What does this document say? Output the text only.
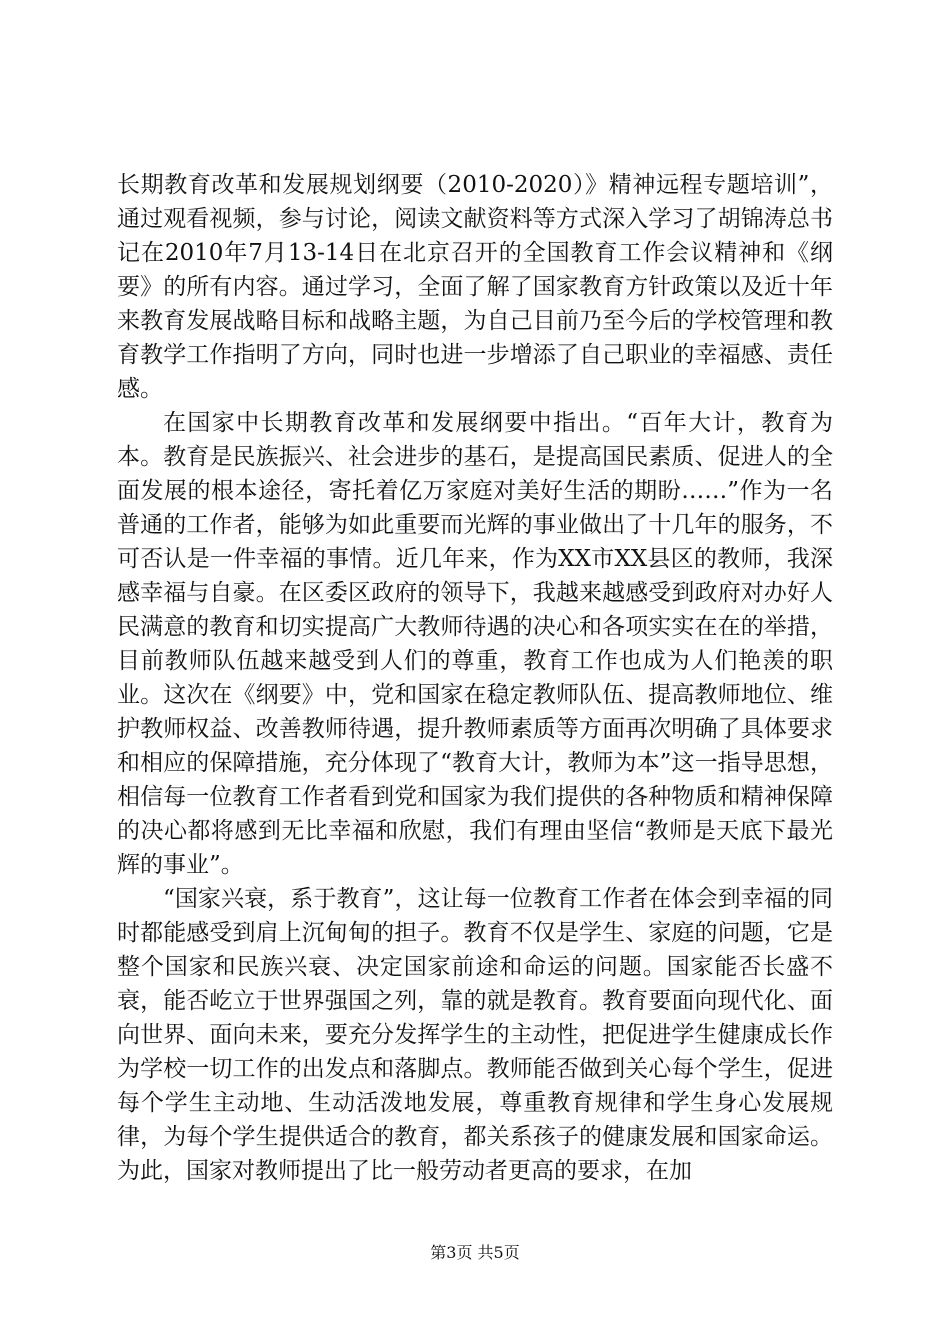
长期教育改革和发展规划纲要（2010-2020）》精神远程专题培训”，通过观看视频，参与讨论，阅读文献资料等方式深入学习了胡锦涛总书记在2010年7月13-14日在北京召开的全国教育工作会议精神和《纲要》的所有内容。通过学习，全面了解了国家教育方针政策以及近十年来教育发展战略目标和战略主题，为自己目前乃至今后的学校管理和教育教学工作指明了方向，同时也进一步增添了自己职业的幸福感、责任感。

在国家中长期教育改革和发展纲要中指出。“百年大计，教育为本。教育是民族振兴、社会进步的基石，是提高国民素质、促进人的全面发展的根本途径，寄托着亿万家庭对美好生活的期盼……”作为一名普通的工作者，能够为如此重要而光辉的事业做出了十几年的服务，不可否认是一件幸福的事情。近几年来，作为XX市XX县区的教师，我深感幸福与自豪。在区委区政府的领导下，我越来越感受到政府对办好人民满意的教育和切实提高广大教师待遇的决心和各项实实在在的举措，目前教师队伍越来越受到人们的尊重，教育工作也成为人们艳羡的职业。这次在《纲要》中，党和国家在稳定教师队伍、提高教师地位、维护教师权益、改善教师待遇，提升教师素质等方面再次明确了具体要求和相应的保障措施，充分体现了“教育大计，教师为本”这一指导思想，相信每一位教育工作者看到党和国家为我们提供的各种物质和精神保障的决心都将感到无比幸福和欣慰，我们有理由坚信“教师是天底下最光辉的事业”。

“国家兴衰，系于教育”，这让每一位教育工作者在体会到幸福的同时都能感受到肩上沉甸甸的担子。教育不仅是学生、家庭的问题，它是整个国家和民族兴衰、决定国家前途和命运的问题。国家能否长盛不衰，能否屹立于世界强国之列，靠的就是教育。教育要面向现代化、面向世界、面向未来，要充分发挥学生的主动性，把促进学生健康成长作为学校一切工作的出发点和落脚点。教师能否做到关心每个学生，促进每个学生主动地、生动活泼地发展，尊重教育规律和学生身心发展规律，为每个学生提供适合的教育，都关系孩子的健康发展和国家命运。为此，国家对教师提出了比一般劳动者更高的要求，在加

第3页 共5页
